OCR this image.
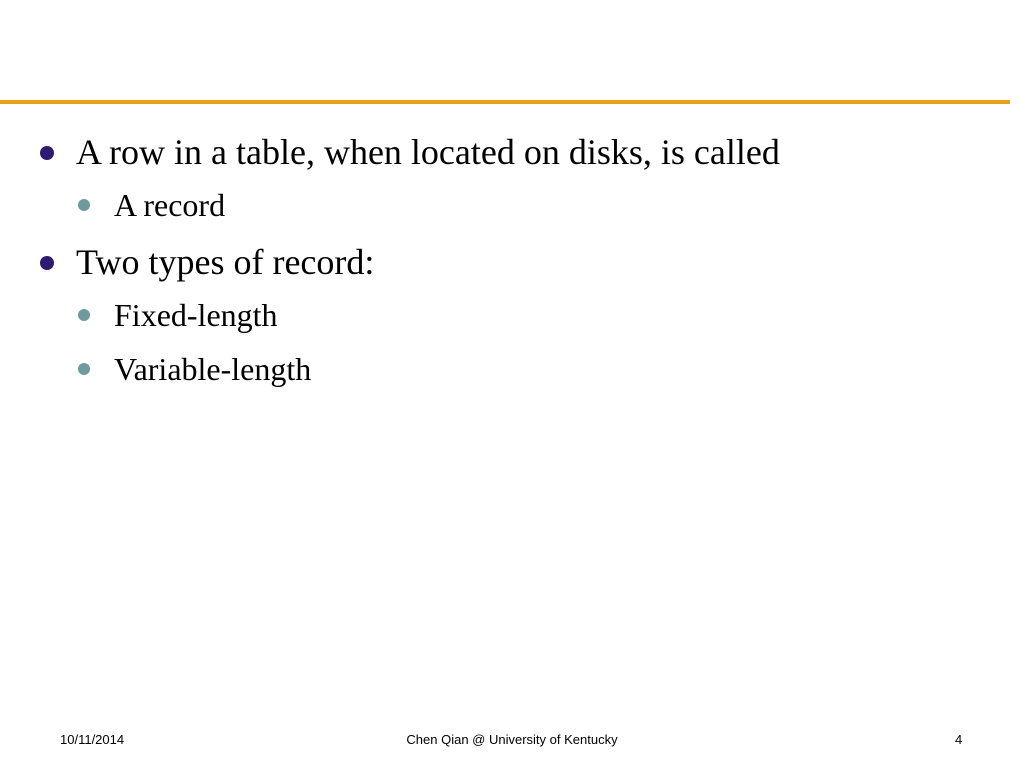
A row in a table, when located on disks, is called
A record
Two types of record:
Fixed-length
Variable-length
10/11/2014	Chen Qian @ University of Kentucky	4
